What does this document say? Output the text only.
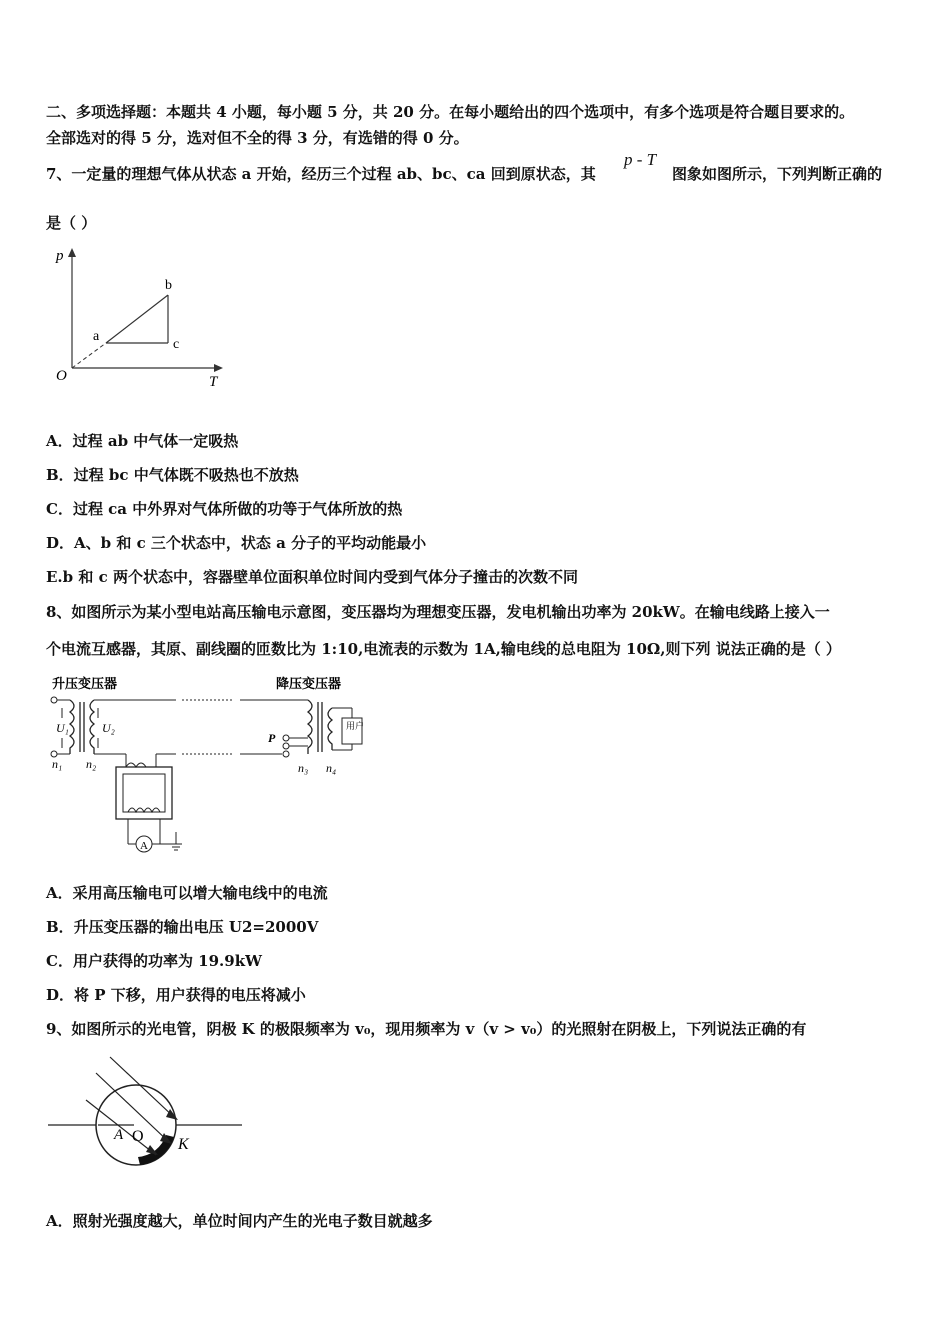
二、多项选择题：本题共 4 小题，每小题 5 分，共 20 分。在每小题给出的四个选项中，有多个选项是符合题目要求的。
全部选对的得 5 分，选对但不全的得 3 分，有选错的得 0 分。
7、一定量的理想气体从状态 a 开始，经历三个过程 ab、bc、ca 回到原状态，其
p - T
图象如图所示，下列判断正确的
是（ ）
p
T
O
a
b
c
A．过程 ab 中气体一定吸热
B．过程 bc 中气体既不吸热也不放热
C．过程 ca 中外界对气体所做的功等于气体所放的热
D．A、b 和 c 三个状态中，状态 a 分子的平均动能最小
E.b 和 c 两个状态中，容器壁单位面积单位时间内受到气体分子撞击的次数不同
8、如图所示为某小型电站高压输电示意图，变压器均为理想变压器，发电机输出功率为 20kW。在输电线路上接入一
个电流互感器，其原、副线圈的匝数比为 1:10,电流表的示数为 1A,输电线的总电阻为 10Ω,则下列 说法正确的是（ ）
升压变压器	降压变压器
U₁	U₂
n₁ n₂
P
用户
n₃ n₄
A
A．采用高压输电可以增大输电线中的电流
B．升压变压器的输出电压 U2=2000V
C．用户获得的功率为 19.9kW
D．将 P 下移，用户获得的电压将减小
9、如图所示的光电管，阴极 K 的极限频率为 v₀，现用频率为 v（v > v₀）的光照射在阴极上，下列说法正确的有
A O K
A．照射光强度越大，单位时间内产生的光电子数目就越多
